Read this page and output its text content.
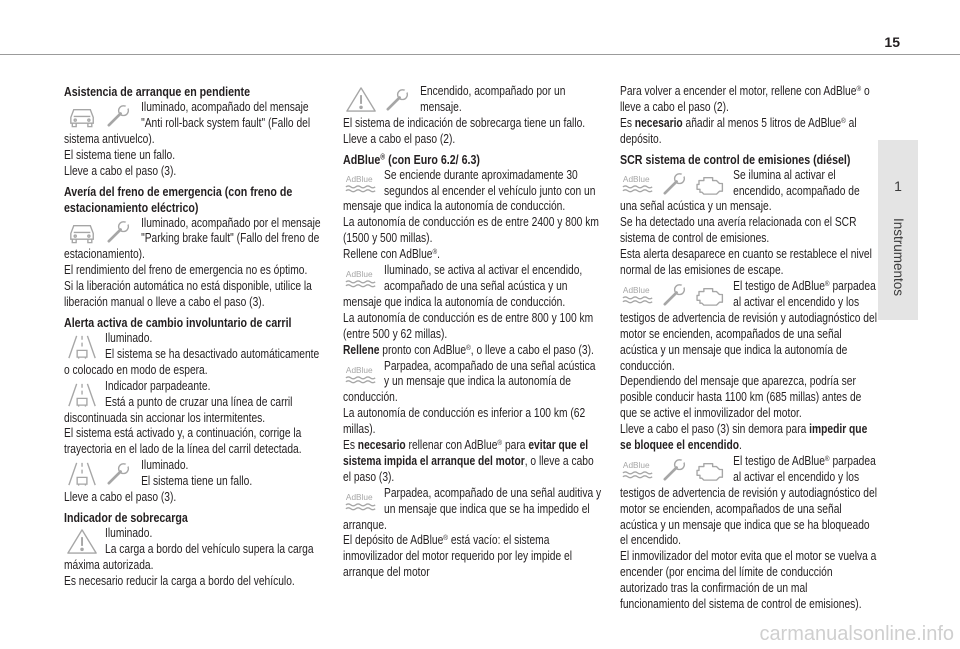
15
1
Instrumentos
Asistencia de arranque en pendiente

Iluminado, acompañado del mensaje "Anti roll-back system fault" (Fallo del sistema antivuelco).

El sistema tiene un fallo.

Lleve a cabo el paso (3).

Avería del freno de emergencia (con freno de estacionamiento eléctrico)

Iluminado, acompañado por el mensaje "Parking brake fault" (Fallo del freno de estacionamiento).

El rendimiento del freno de emergencia no es óptimo.

Si la liberación automática no está disponible, utilice la liberación manual o lleve a cabo el paso (3).

Alerta activa de cambio involuntario de carril

Iluminado.

El sistema se ha desactivado automáticamente o colocado en modo de espera.

Indicador parpadeante.

Está a punto de cruzar una línea de carril discontinuada sin accionar los intermitentes.

El sistema está activado y, a continuación, corrige la trayectoria en el lado de la línea del carril detectada.

Iluminado.

El sistema tiene un fallo.

Lleve a cabo el paso (3).

Indicador de sobrecarga

Iluminado.

La carga a bordo del vehículo supera la carga máxima autorizada.

Es necesario reducir la carga a bordo del vehículo.

Encendido, acompañado por un mensaje.

El sistema de indicación de sobrecarga tiene un fallo.

Lleve a cabo el paso (2).

AdBlue® (con Euro 6.2/ 6.3)
AdBlue Se enciende durante aproximadamente 30 segundos al encender el vehículo junto con un mensaje que indica la autonomía de conducción.

La autonomía de conducción es de entre 2400 y 800 km (1500 y 500 millas).

Rellene con AdBlue®.

AdBlue Iluminado, se activa al activar el encendido, acompañado de una señal acústica y un mensaje que indica la autonomía de conducción.

La autonomía de conducción es de entre 800 y 100 km (entre 500 y 62 millas).

Rellene pronto con AdBlue®, o lleve a cabo el paso (3).

AdBlue Parpadea, acompañado de una señal acústica y un mensaje que indica la autonomía de conducción.

La autonomía de conducción es inferior a 100 km (62 millas).

Es necesario rellenar con AdBlue® para evitar que el sistema impida el arranque del motor, o lleve a cabo el paso (3).

AdBlue Parpadea, acompañado de una señal auditiva y un mensaje que indica que se ha impedido el arranque.

El depósito de AdBlue® está vacío: el sistema inmovilizador del motor requerido por ley impide el arranque del motor

Para volver a encender el motor, rellene con AdBlue® o lleve a cabo el paso (2).

Es necesario añadir al menos 5 litros de AdBlue® al depósito.

SCR sistema de control de emisiones (diésel)
AdBlue	Se ilumina al activar el encendido, acompañado de una señal acústica y un mensaje.

Se ha detectado una avería relacionada con el SCR sistema de control de emisiones.

Esta alerta desaparece en cuanto se restablece el nivel normal de las emisiones de escape.

AdBlue	El testigo de AdBlue® parpadea al activar el encendido y los testigos de advertencia de revisión y autodiagnóstico del motor se encienden, acompañados de una señal acústica y un mensaje que indica la autonomía de conducción.

Dependiendo del mensaje que aparezca, podría ser posible conducir hasta 1100 km (685 millas) antes de que se active el inmovilizador del motor.

Lleve a cabo el paso (3) sin demora para impedir que se bloquee el encendido.

AdBlue	El testigo de AdBlue® parpadea al activar el encendido y los testigos de advertencia de revisión y autodiagnóstico del motor se encienden, acompañados de una señal acústica y un mensaje que indica que se ha bloqueado el encendido.

El inmovilizador del motor evita que el motor se vuelva a encender (por encima del límite de conducción autorizado tras la confirmación de un mal funcionamiento del sistema de control de emisiones).

carmanualsonline.info
